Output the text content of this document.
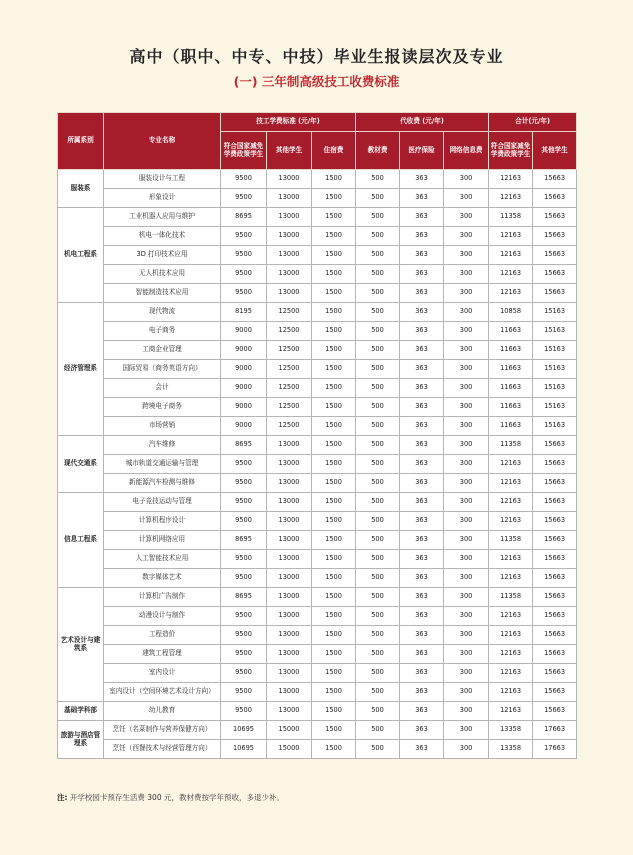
高中（职中、中专、中技）毕业生报读层次及专业
(一) 三年制高级技工收费标准
所属系别	专业名称	技工学费标准 (元/年)			代收费 (元/年)			合计(元/年)	
		符合国家减免学费政策学生	其他学生	住宿费	教材费	医疗保险	网络信息费	符合国家减免学费政策学生	其他学生
服装系	服装设计与工程	9500	13000	1500	500	363	300	12163	15663
	形象设计	9500	13000	1500	500	363	300	12163	15663
机电工程系	工业机器人应用与维护	8695	13000	1500	500	363	300	11358	15663
	机电一体化技术	9500	13000	1500	500	363	300	12163	15663
	3D 打印技术应用	9500	13000	1500	500	363	300	12163	15663
	无人机技术应用	9500	13000	1500	500	363	300	12163	15663
	智能制造技术应用	9500	13000	1500	500	363	300	12163	15663
经济管理系	现代物流	8195	12500	1500	500	363	300	10858	15163
	电子商务	9000	12500	1500	500	363	300	11663	15163
	工商企业管理	9000	12500	1500	500	363	300	11663	15163
	国际贸易（商务英语方向）	9000	12500	1500	500	363	300	11663	15163
	会计	9000	12500	1500	500	363	300	11663	15163
	跨境电子商务	9000	12500	1500	500	363	300	11663	15163
	市场营销	9000	12500	1500	500	363	300	11663	15163
现代交通系	汽车维修	8695	13000	1500	500	363	300	11358	15663
	城市轨道交通运输与管理	9500	13000	1500	500	363	300	12163	15663
	新能源汽车检测与维修	9500	13000	1500	500	363	300	12163	15663
信息工程系	电子竞技运动与管理	9500	13000	1500	500	363	300	12163	15663
	计算机程序设计	9500	13000	1500	500	363	300	12163	15663
	计算机网络应用	8695	13000	1500	500	363	300	11358	15663
	人工智能技术应用	9500	13000	1500	500	363	300	12163	15663
	数字媒体艺术	9500	13000	1500	500	363	300	12163	15663
艺术设计与建筑系	计算机广告制作	8695	13000	1500	500	363	300	11358	15663
	动漫设计与制作	9500	13000	1500	500	363	300	12163	15663
	工程造价	9500	13000	1500	500	363	300	12163	15663
	建筑工程管理	9500	13000	1500	500	363	300	12163	15663
	室内设计	9500	13000	1500	500	363	300	12163	15663
	室内设计（空间环境艺术设计方向）	9500	13000	1500	500	363	300	12163	15663
基础学科部	幼儿教育	9500	13000	1500	500	363	300	12163	15663
旅游与酒店管理系	烹饪（名菜制作与营养保健方向）	10695	15000	1500	500	363	300	13358	17663
	烹饪（西餐技术与经营管理方向）	10695	15000	1500	500	363	300	13358	17663
注: 开学校园卡预存生活费 300 元，教材费按学年预收，多退少补。
